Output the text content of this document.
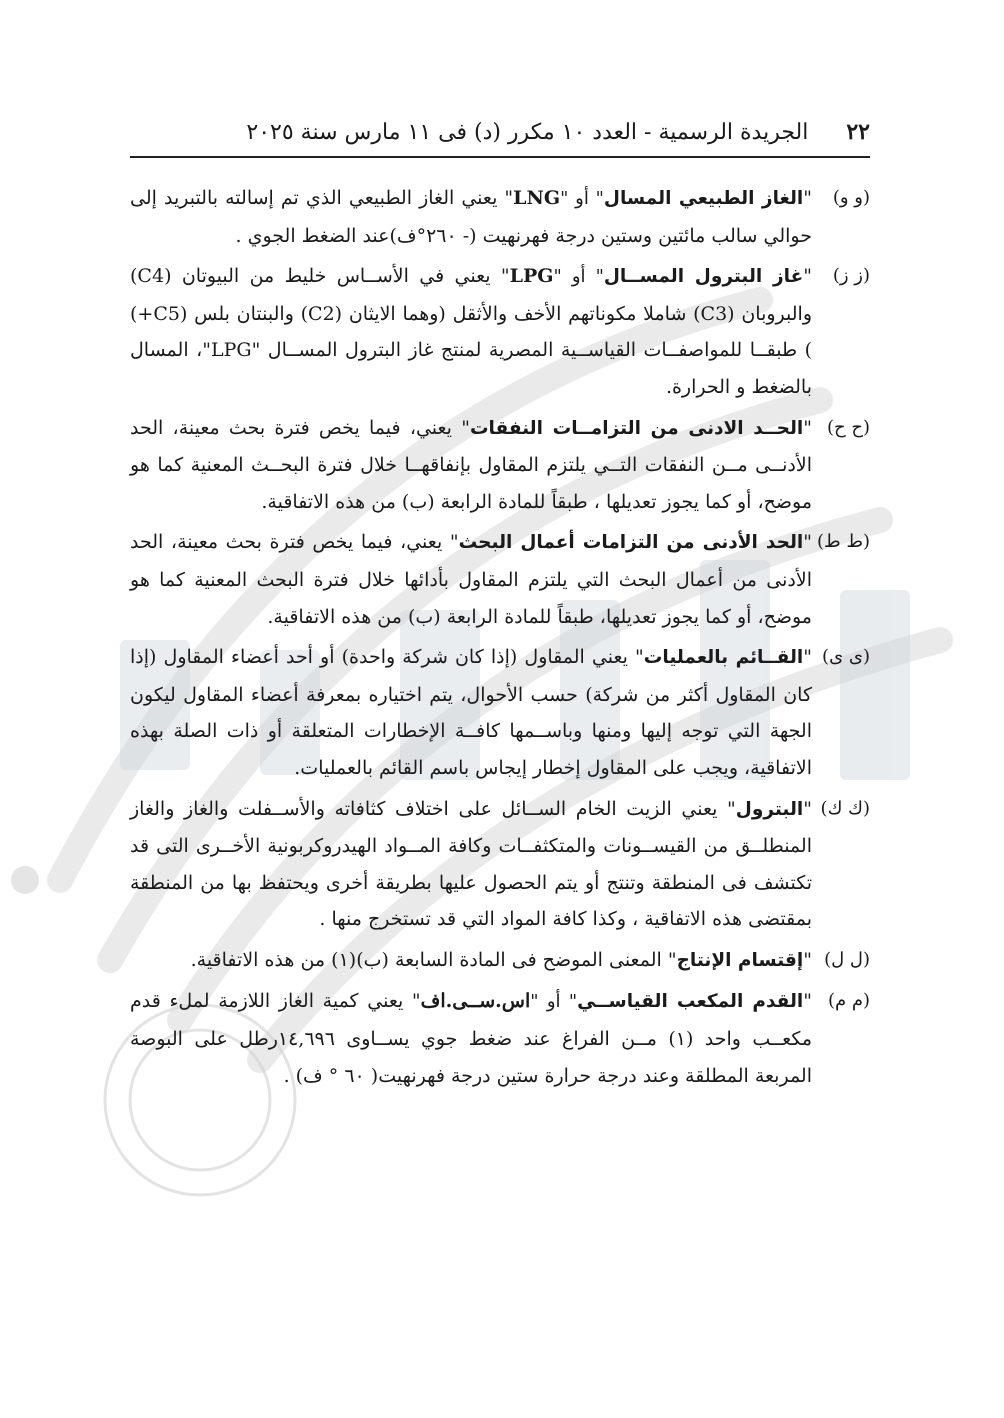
٢٢
الجريدة الرسمية - العدد ١٠ مكرر (د) فى ١١ مارس سنة ٢٠٢٥
(و و)
"الغاز الطبيعي المسال" أو "LNG" يعني الغاز الطبيعي الذي تم إسالته بالتبريد إلى حوالي سالب مائتين وستين درجة فهرنهيت (- ٢٦٠°ف)عند الضغط الجوي .
(ز ز)
"غاز البترول المســال" أو "LPG" يعني في الأســاس خليط من البيوتان (C4) والبروبان (C3) شاملا مكوناتهم الأخف والأثقل (وهما الايثان (C2) والبنتان بلس (C5+) ) طبقــا للمواصفــات القياســية المصرية لمنتج غاز البترول المســال "LPG"، المسال بالضغط و الحرارة.
(ح ح)
"الحــد الادنى من التزامــات النفقات" يعني، فيما يخص فترة بحث معينة، الحد الأدنــى مــن النفقات التــي يلتزم المقاول بإنفاقهــا خلال فترة البحــث المعنية كما هو موضح، أو كما يجوز تعديلها ، طبقاً للمادة الرابعة (ب) من هذه الاتفاقية.
(ط ط)
"الحد الأدنى من التزامات أعمال البحث" يعني، فيما يخص فترة بحث معينة، الحد الأدنى من أعمال البحث التي يلتزم المقاول بأدائها خلال فترة البحث المعنية كما هو موضح، أو كما يجوز تعديلها، طبقاً للمادة الرابعة (ب) من هذه الاتفاقية.
(ى ى)
"القــائم بالعمليات" يعني المقاول (إذا كان شركة واحدة) أو أحد أعضاء المقاول (إذا كان المقاول أكثر من شركة) حسب الأحوال، يتم اختياره بمعرفة أعضاء المقاول ليكون الجهة التي توجه إليها ومنها وباســمها كافــة الإخطارات المتعلقة أو ذات الصلة بهذه الاتفاقية، ويجب على المقاول إخطار إيجاس باسم القائم بالعمليات.
(ك ك)
"البترول" يعني الزيت الخام الســائل على اختلاف كثافاته والأســفلت والغاز والغاز المنطلــق من القيســونات والمتكثفــات وكافة المــواد الهيدروكربونية الأخــرى التى قد تكتشف فى المنطقة وتنتج أو يتم الحصول عليها بطريقة أخرى ويحتفظ بها من المنطقة بمقتضى هذه الاتفاقية ، وكذا كافة المواد التي قد تستخرج منها .
(ل ل)
"إقتسام الإنتاج" المعنى الموضح فى المادة السابعة (ب)(١) من هذه الاتفاقية.
(م م)
"القدم المكعب القياســي" أو "اس.ســى.اف" يعني كمية الغاز اللازمة لملء قدم مكعــب واحد (١) مــن الفراغ عند ضغط جوي يســاوى ١٤,٦٩٦رطل على البوصة المربعة المطلقة وعند درجة حرارة ستين درجة فهرنهيت( ٦٠ ° ف) .
